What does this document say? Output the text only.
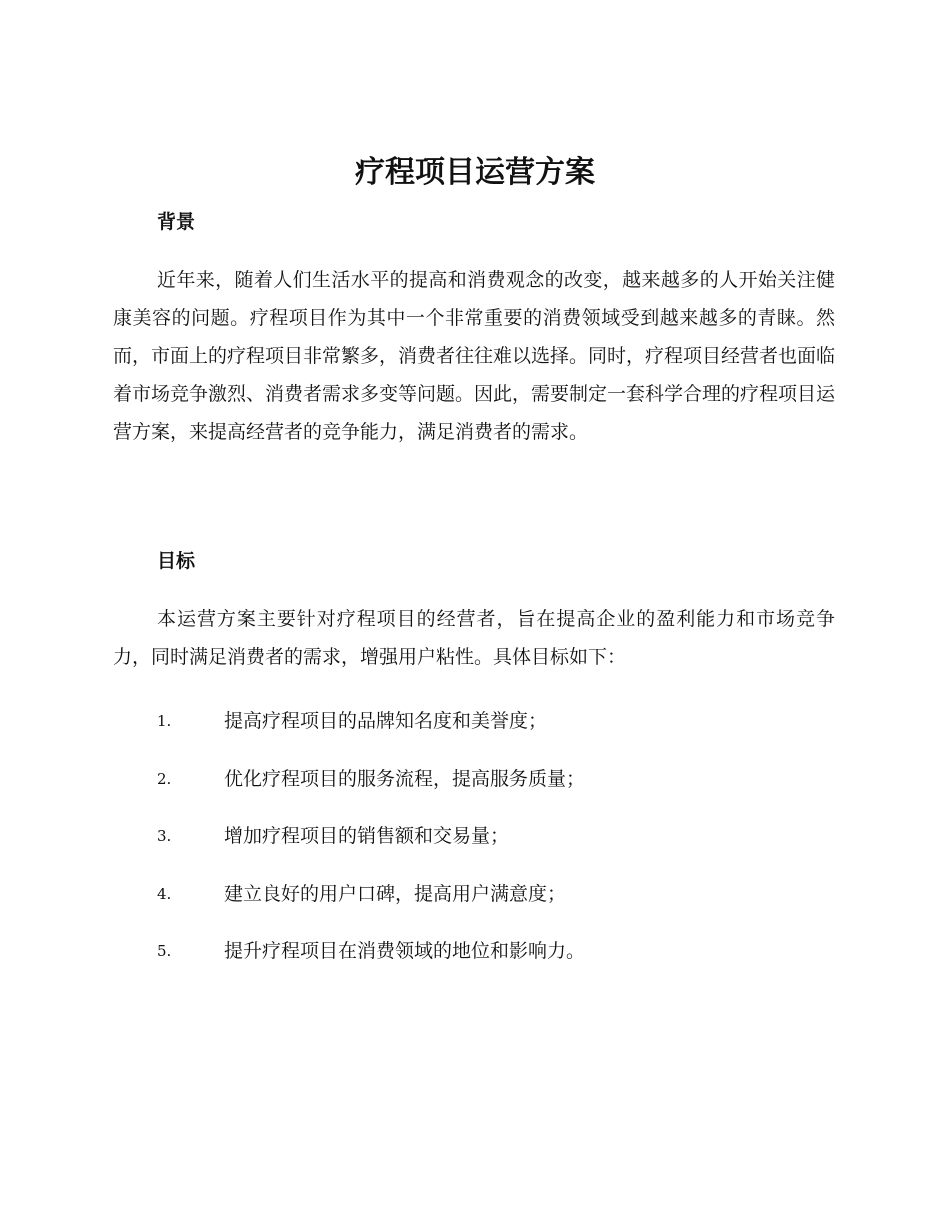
疗程项目运营方案
背景

近年来，随着人们生活水平的提高和消费观念的改变，越来越多的人开始关注健康美容的问题。疗程项目作为其中一个非常重要的消费领域受到越来越多的青睐。然而，市面上的疗程项目非常繁多，消费者往往难以选择。同时，疗程项目经营者也面临着市场竞争激烈、消费者需求多变等问题。因此，需要制定一套科学合理的疗程项目运营方案，来提高经营者的竞争能力，满足消费者的需求。

目标

本运营方案主要针对疗程项目的经营者，旨在提高企业的盈利能力和市场竞争力，同时满足消费者的需求，增强用户粘性。具体目标如下：

1.	提高疗程项目的品牌知名度和美誉度；
2.	优化疗程项目的服务流程，提高服务质量；
3.	增加疗程项目的销售额和交易量；
4.	建立良好的用户口碑，提高用户满意度；
5.	提升疗程项目在消费领域的地位和影响力。
